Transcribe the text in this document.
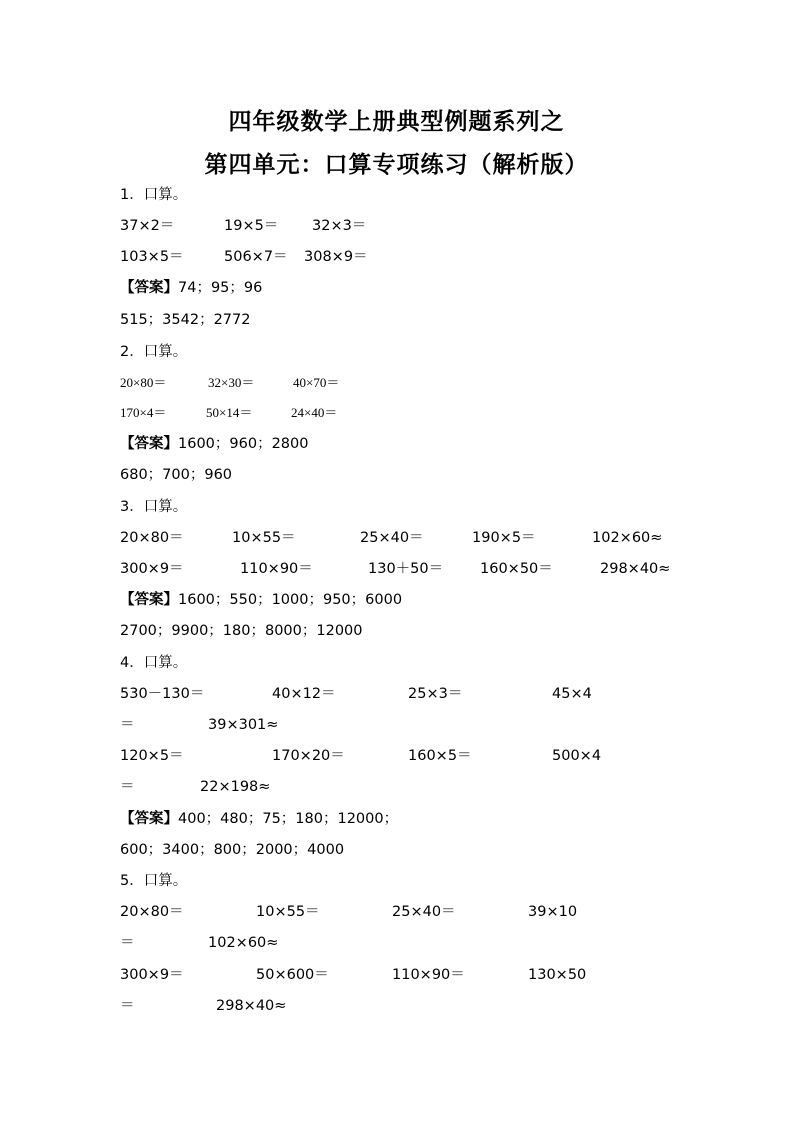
四年级数学上册典型例题系列之
第四单元：口算专项练习（解析版）
1．口算。
37×2＝	19×5＝ 32×3＝
103×5＝	506×7＝ 308×9＝
【答案】74；95；96
515；3542；2772
2．口算。
20×80＝	32×30＝	40×70＝
170×4＝	50×14＝	24×40＝
【答案】1600；960；2800
680；700；960
3．口算。
20×80＝	10×55＝	25×40＝	190×5＝	102×60≈
300×9＝	110×90＝	130＋50＝	160×50＝	298×40≈
【答案】1600；550；1000；950；6000
2700；9900；180；8000；12000
4．口算。
530－130＝	40×12＝	25×3＝	45×4
＝	39×301≈
120×5＝	170×20＝	160×5＝	500×4
＝	22×198≈
【答案】400；480；75；180；12000；
600；3400；800；2000；4000
5．口算。
20×80＝	10×55＝	25×40＝	39×10
＝	102×60≈
300×9＝	50×600＝	110×90＝	130×50
＝	298×40≈
